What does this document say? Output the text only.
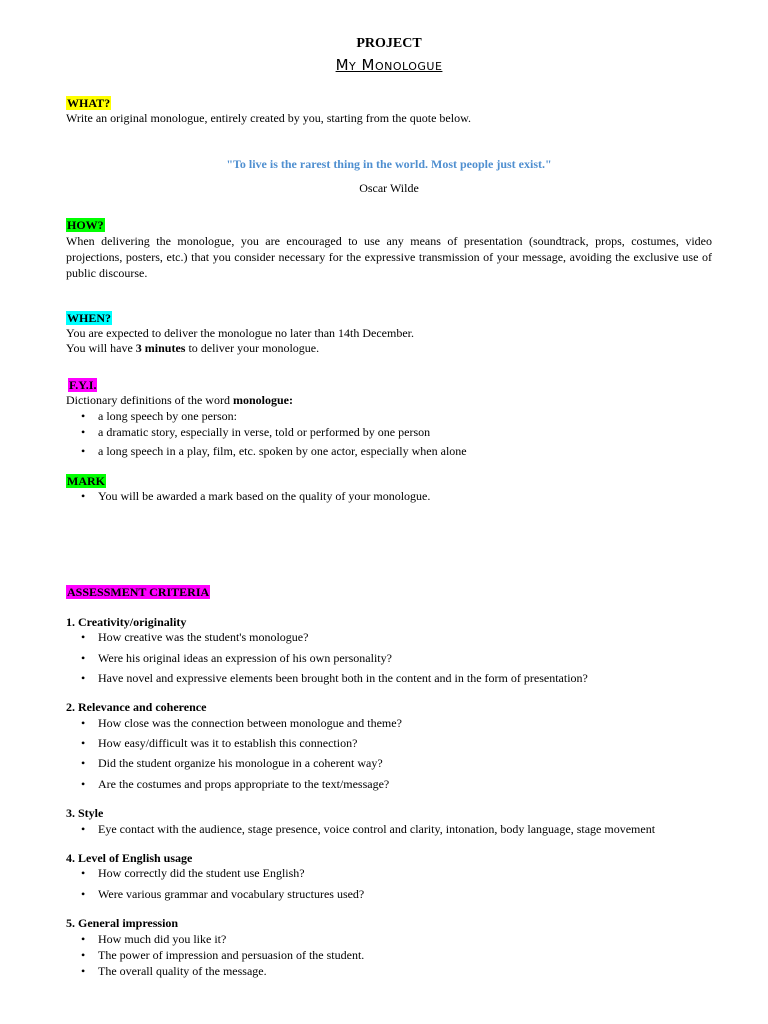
PROJECT
My Monologue
WHAT?
Write an original monologue, entirely created by you, starting from the quote below.
"To live is the rarest thing in the world. Most people just exist."
Oscar Wilde
HOW?
When delivering the monologue, you are encouraged to use any means of presentation (soundtrack, props, costumes, video projections, posters, etc.) that you consider necessary for the expressive transmission of your message, avoiding the exclusive use of public discourse.
WHEN?
You are expected to deliver the monologue no later than 14th December.
You will have 3 minutes to deliver your monologue.
F.Y.I.
Dictionary definitions of the word monologue:
• a long speech by one person:
• a dramatic story, especially in verse, told or performed by one person
• a long speech in a play, film, etc. spoken by one actor, especially when alone
MARK
• You will be awarded a mark based on the quality of your monologue.
ASSESSMENT CRITERIA
1. Creativity/originality
• How creative was the student's monologue?
• Were his original ideas an expression of his own personality?
• Have novel and expressive elements been brought both in the content and in the form of presentation?
2. Relevance and coherence
• How close was the connection between monologue and theme?
• How easy/difficult was it to establish this connection?
• Did the student organize his monologue in a coherent way?
• Are the costumes and props appropriate to the text/message?
3. Style
• Eye contact with the audience, stage presence, voice control and clarity, intonation, body language, stage movement
4. Level of English usage
• How correctly did the student use English?
• Were various grammar and vocabulary structures used?
5. General impression
• How much did you like it?
• The power of impression and persuasion of the student.
• The overall quality of the message.
